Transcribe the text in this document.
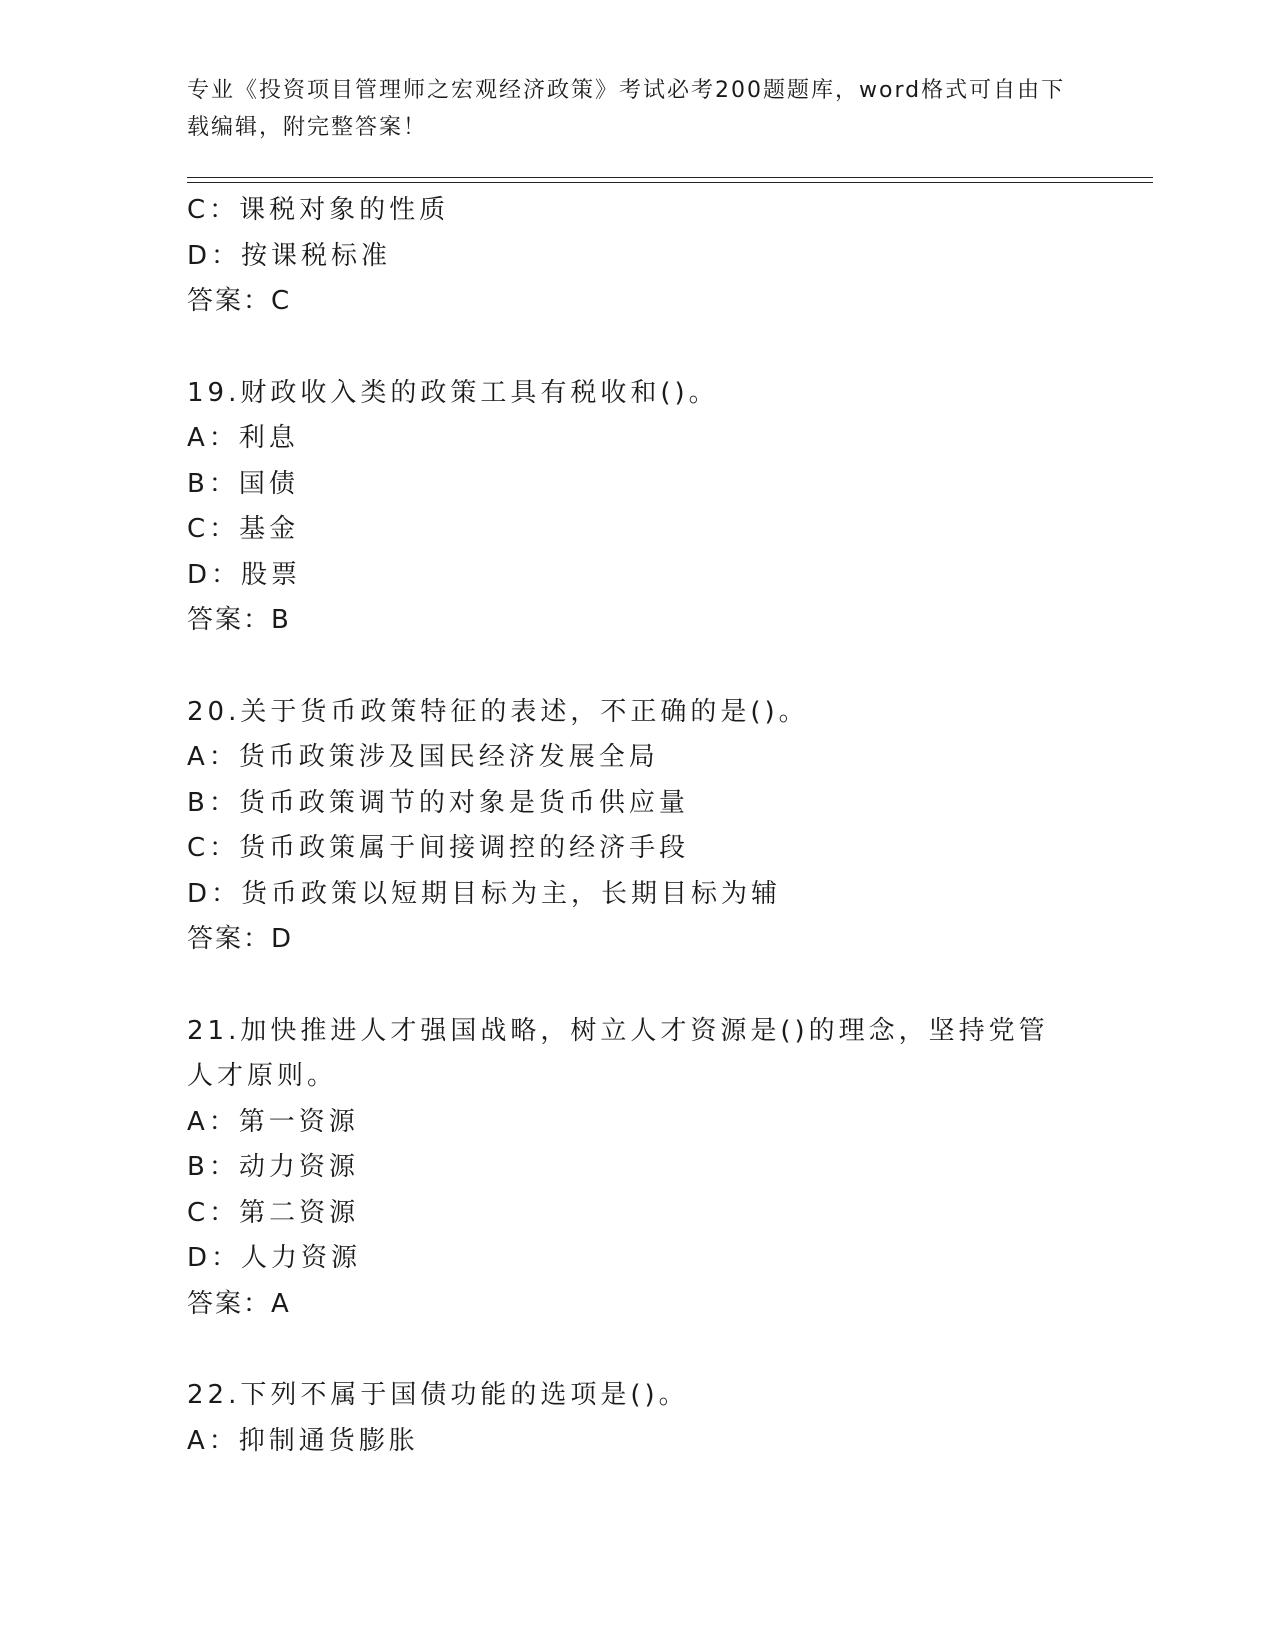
专业《投资项目管理师之宏观经济政策》考试必考200题题库，word格式可自由下载编辑，附完整答案！
C：课税对象的性质
D：按课税标准
答案：C
19.财政收入类的政策工具有税收和()。
A：利息
B：国债
C：基金
D：股票
答案：B
20.关于货币政策特征的表述，不正确的是()。
A：货币政策涉及国民经济发展全局
B：货币政策调节的对象是货币供应量
C：货币政策属于间接调控的经济手段
D：货币政策以短期目标为主，长期目标为辅
答案：D
21.加快推进人才强国战略，树立人才资源是()的理念，坚持党管人才原则。
A：第一资源
B：动力资源
C：第二资源
D：人力资源
答案：A
22.下列不属于国债功能的选项是()。
A：抑制通货膨胀
